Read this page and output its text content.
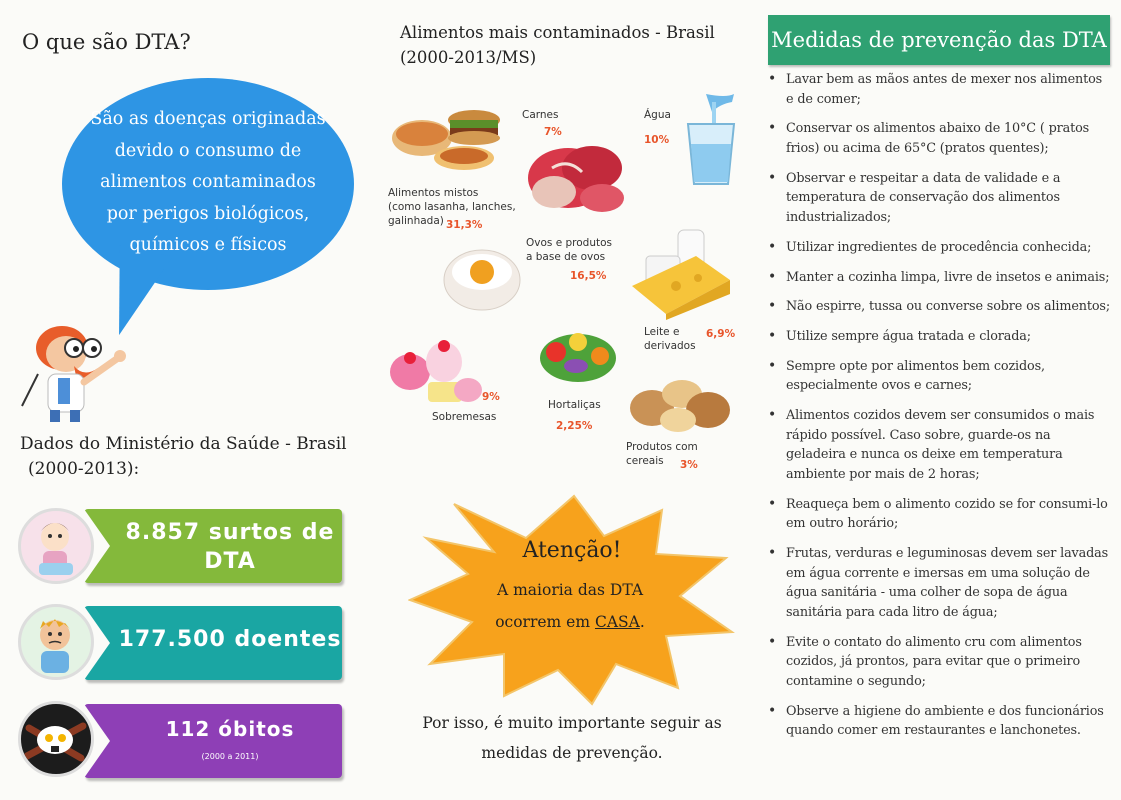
O que são DTA?
São as doenças originadas
devido o consumo de
alimentos contaminados
por perigos biológicos,
químicos e físicos
Dados do Ministério da Saúde - Brasil
(2000-2013):
8.857 surtos de
DTA
177.500 doentes
112 óbitos
(2000 a 2011)
Alimentos mais contaminados - Brasil
(2000-2013/MS)
Alimentos mistos
(como lasanha, lanches,
galinhada) 31,3%
Carnes
7%
Água
10%
Ovos e produtos
a base de ovos
16,5%
Leite e
derivados
6,9%
Sobremesas
9%
Hortaliças
2,25%
Produtos com
cereais	3%
Atenção!
A maioria das DTA
ocorrem em CASA.
Por isso, é muito importante seguir as
medidas de prevenção.
Medidas de prevenção das DTA
• Lavar bem as mãos antes de mexer nos alimentos e de comer;
• Conservar os alimentos abaixo de 10°C ( pratos frios) ou acima de 65°C (pratos quentes);
• Observar e respeitar a data de validade e a temperatura de conservação dos alimentos industrializados;
• Utilizar ingredientes de procedência conhecida;
• Manter a cozinha limpa, livre de insetos e animais;
• Não espirre, tussa ou converse sobre os alimentos;
• Utilize sempre água tratada e clorada;
• Sempre opte por alimentos bem cozidos, especialmente ovos e carnes;
• Alimentos cozidos devem ser consumidos o mais rápido possível. Caso sobre, guarde-os na geladeira e nunca os deixe em temperatura ambiente por mais de 2 horas;
• Reaqueça bem o alimento cozido se for consumi-lo em outro horário;
• Frutas, verduras e leguminosas devem ser lavadas em água corrente e imersas em uma solução de água sanitária - uma colher de sopa de água sanitária para cada litro de água;
• Evite o contato do alimento cru com alimentos cozidos, já prontos, para evitar que o primeiro contamine o segundo;
• Observe a higiene do ambiente e dos funcionários quando comer em restaurantes e lanchonetes.
